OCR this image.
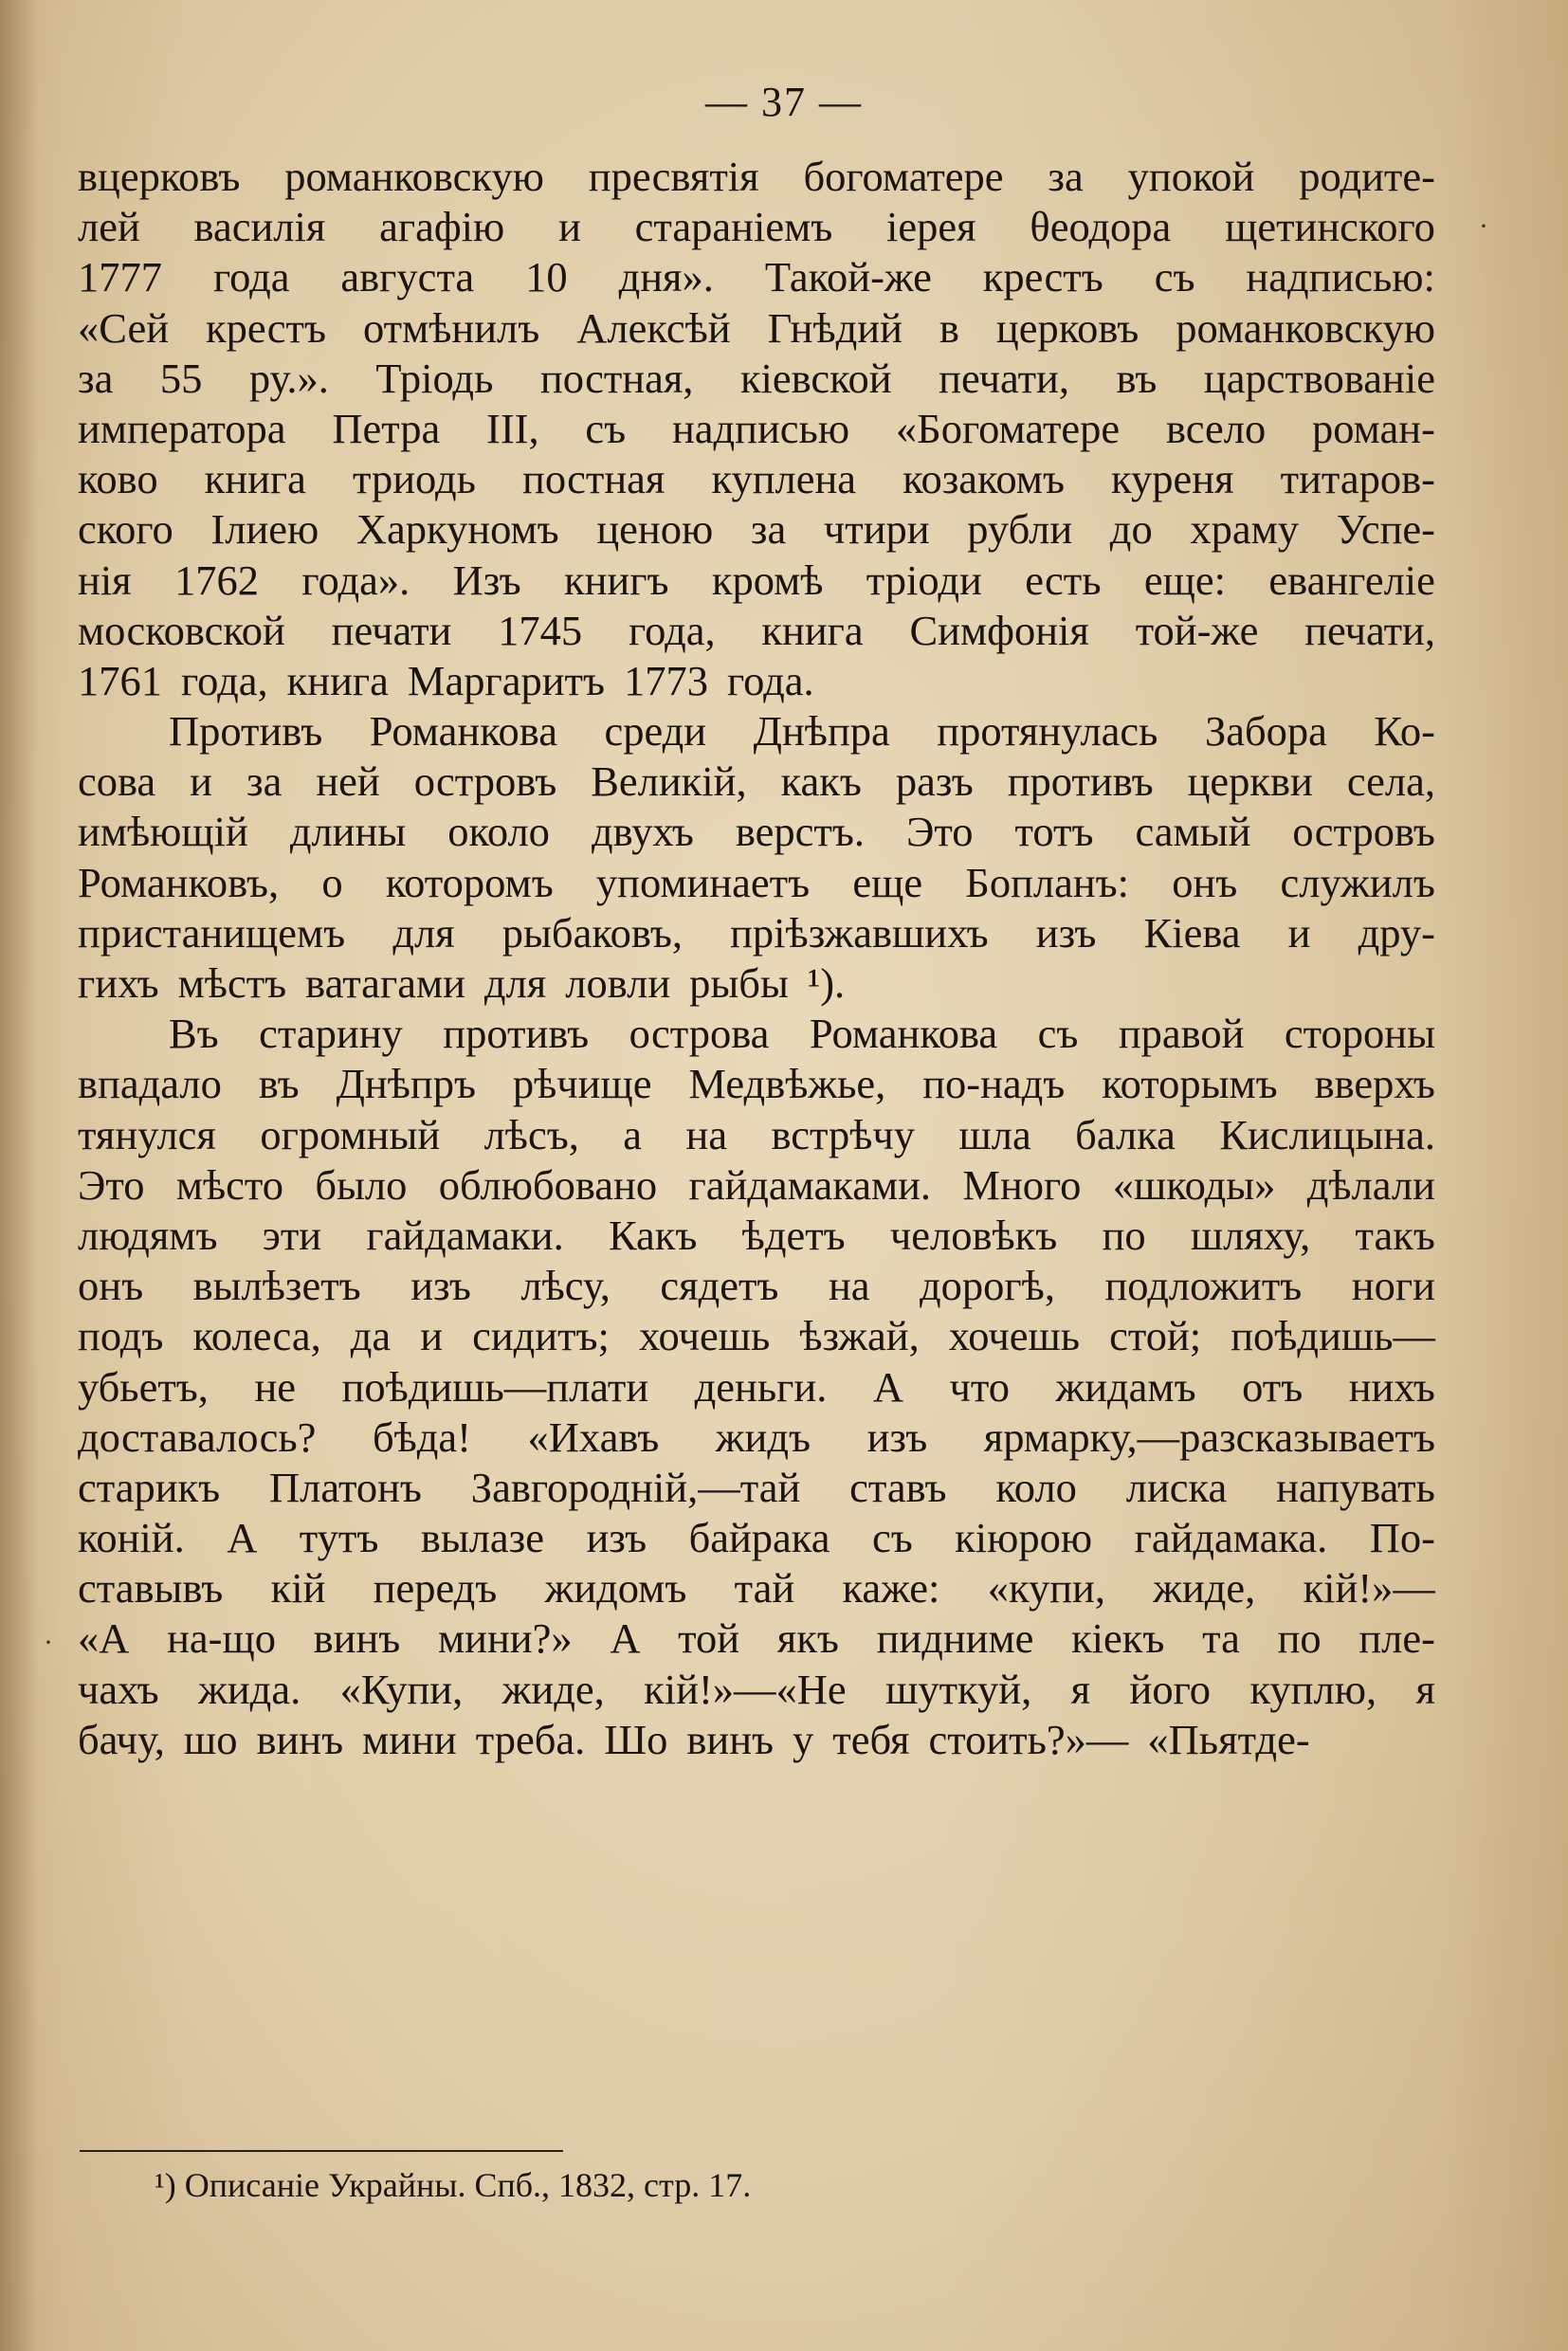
— 37 —
вцерковъ романковскую пресвятія богоматере за упокой родите-
лей василія агафію и стараніемъ іерея θеодора щетинского
1777 года августа 10 дня». Такой-же крестъ съ надписью:
«Сей крестъ отмѣнилъ Алексѣй Гнѣдий в церковъ романковскую
за 55 ру.». Тріодь постная, кіевской печати, въ царствованіе
императора Петра III, съ надписью «Богоматере всело роман-
ково книга триодь постная куплена козакомъ куреня титаров-
ского Ілиею Харкуномъ ценою за чтири рубли до храму Успе-
нія 1762 года». Изъ книгъ кромѣ тріоди есть еще: евангеліе
московской печати 1745 года, книга Симфонія той-же печати,
1761 года, книга Маргаритъ 1773 года.
Противъ Романкова среди Днѣпра протянулась Забора Ко-
сова и за ней островъ Великій, какъ разъ противъ церкви села,
имѣющій длины около двухъ верстъ. Это тотъ самый островъ
Романковъ, о которомъ упоминаетъ еще Бопланъ: онъ служилъ
пристанищемъ для рыбаковъ, пріѣзжавшихъ изъ Кіева и дру-
гихъ мѣстъ ватагами для ловли рыбы ¹).
Въ старину противъ острова Романкова съ правой стороны
впадало въ Днѣпръ рѣчище Медвѣжье, по-надъ которымъ вверхъ
тянулся огромный лѣсъ, а на встрѣчу шла балка Кислицына.
Это мѣсто было облюбовано гайдамаками. Много «шкоды» дѣлали
людямъ эти гайдамаки. Какъ ѣдетъ человѣкъ по шляху, такъ
онъ вылѣзетъ изъ лѣсу, сядетъ на дорогѣ, подложитъ ноги
подъ колеса, да и сидитъ; хочешь ѣзжай, хочешь стой; поѣдишь—
убьетъ, не поѣдишь—плати деньги. А что жидамъ отъ нихъ
доставалось? бѣда! «Ихавъ жидъ изъ ярмарку,—разсказываетъ
старикъ Платонъ Завгородній,—тай ставъ коло лиска напувать
коній. А тутъ вылазе изъ байрака съ кіюрою гайдамака. По-
ставывъ кій передъ жидомъ тай каже: «купи, жиде, кій!»—
«А на-що винъ мини?» А той якъ пидниме кіекъ та по пле-
чахъ жида. «Купи, жиде, кій!»—«Не шуткуй, я його куплю, я
бачу, шо винъ мини треба. Шо винъ у тебя стоить?»— «Пьятде-
¹) Описаніе Украйны. Спб., 1832, стр. 17.
·
·
